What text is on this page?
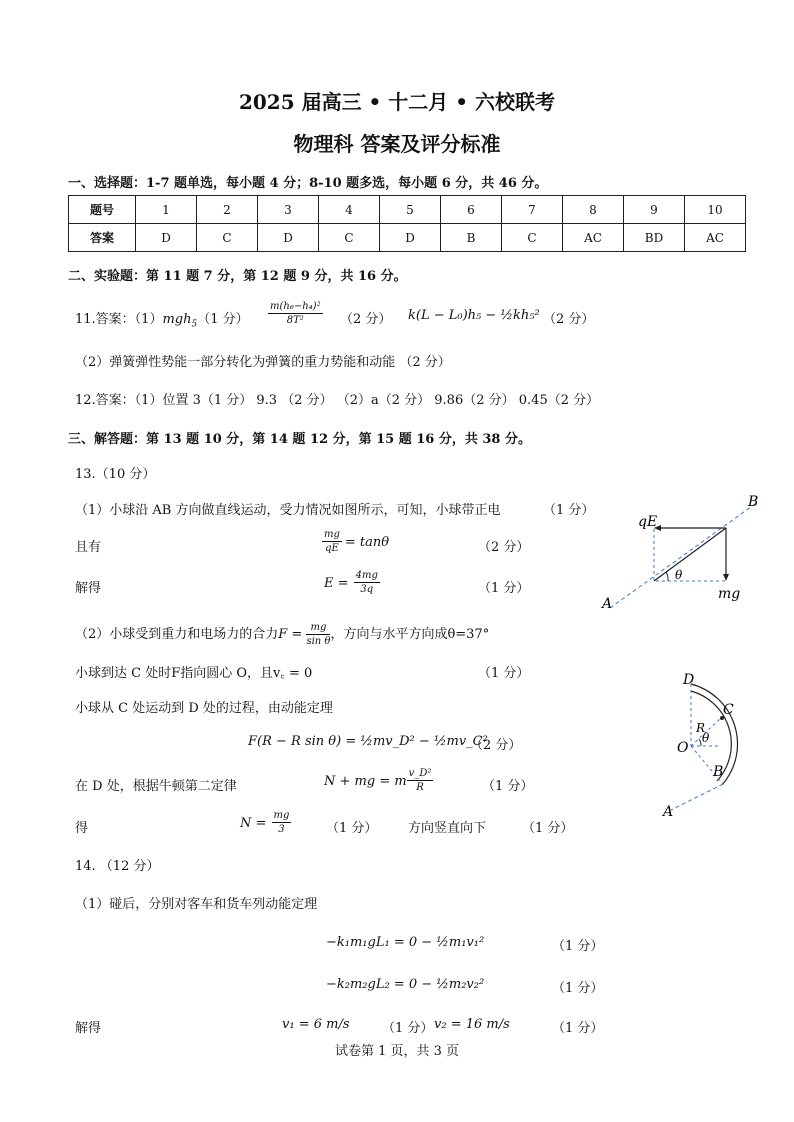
2025 届高三 • 十二月 • 六校联考
物理科 答案及评分标准
一、选择题：1-7 题单选，每小题 4 分；8-10 题多选，每小题 6 分，共 46 分。
题号	1	2	3	4	5	6	7	8	9	10
答案	D	C	D	C	D	B	C	AC	BD	AC
二、实验题：第 11 题 7 分，第 12 题 9 分，共 16 分。
11.答案：（1）mgh$_5$（1 分） $\frac{\text{m(h₆−h₄)²}}{\text{8T²}} (2$ 分） k(L − L₀)h₅ − ½kh₅² （2 分）
（2）弹簧弹性势能一部分转化为弹簧的重力势能和动能 （2 分）
12.答案：（1）位置 3（1 分） 9.3 （2 分） （2）a（2 分） 9.86（2 分） 0.45（2 分）
三、解答题：第 13 题 10 分，第 14 题 12 分，第 15 题 16 分，共 38 分。
13.（10 分）
（1）小球沿 AB 方向做直线运动，受力情况如图所示，可知，小球带正电	（1 分）
且有	$\frac{mg}{qE} = \tan\theta$	（2 分）
解得	$E = \frac{4mg}{3q}$	（1 分）
（2）小球受到重力和电场力的合力$F = \frac{mg}{\text{sin θ}}$ ，方向与水平方向成θ=37°
小球到达 C 处时F指向圆心 O，且v꜀ = 0	（1 分）
小球从 C 处运动到 D 处的过程，由动能定理
F(R − R sin θ) = ½mv_D² − ½mv_C²
（2 分）
在 D 处，根据牛顿第二定律	N + mg = m $\frac{\text{v\_D²}}{R}$	（1 分）
得	$N = \frac{mg}{3}$	（1 分） 方向竖直向下	（1 分）
14. （12 分）
（1）碰后，分别对客车和货车列动能定理
−k₁m₁gL₁ = 0 − ½m₁v₁²	（1 分）
−k₂m₂gL₂ = 0 − ½m₂v₂²	（1 分）
解得	v₁ = 6 m/s	（1 分） v₂ = 16 m/s	（1 分）
试卷第 1 页，共 3 页
B
A
qE
mg
θ
D
C
R
O
θ
B
A
